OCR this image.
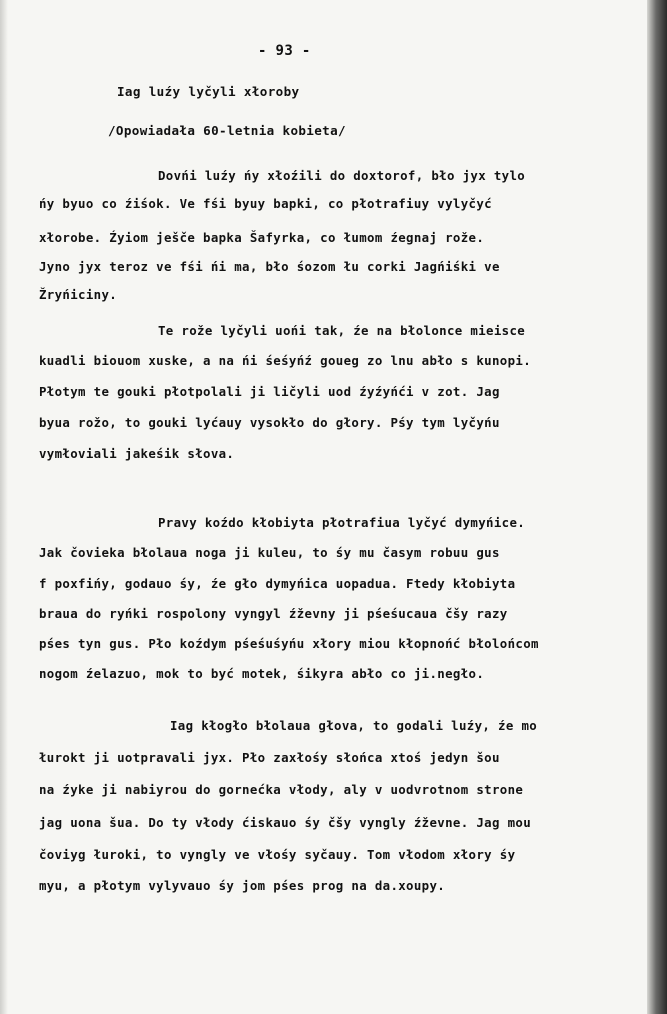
- 93 -
Iag luźy lyčyli xłoroby
/Opowiadała 60-letnia kobieta/
Dovńi luźy ńy xłoźili do doxtorof, bło jyx tylo
ńy byuo co źiśok. Ve fśi byuy bapki, co płotrafiuy vylyčyć
xłorobe. Źyiom ješče bapka Šafyrka, co łumom źegnaj rože.
Jyno jyx teroz ve fśi ńi ma, bło śozom łu corki Jagńiśki ve
Žryńiciny.
Te rože lyčyli uońi tak, źe na błolonce mieisce
kuadli biouom xuske, a na ńi śeśyńź goueg zo lnu abło s kunopi.
Płotym te gouki płotpolali ji ličyli uod źyźyńći v zot. Jag
byua rožo, to gouki lyćauy vysokło do głory. Pśy tym lyčyńu
vymłoviali jakeśik słova.
Pravy koźdo kłobiyta płotrafiua lyčyć dymyńice.
Jak čovieka błolaua noga ji kuleu, to śy mu časym robuu gus
f poxfińy, godauo śy, źe gło dymyńica uopadua. Ftedy kłobiyta
braua do ryńki rospolony vyngyl źževny ji pśeśucaua čšy razy
pśes tyn gus. Pło koźdym pśeśuśyńu xłory miou kłopnońć błolońcom
nogom źelazuo, mok to być motek, śikyra abło co ji.negło.
Iag kłogło błolaua głova, to godali luźy, źe mo
łurokt ji uotpravali jyx. Pło zaxłośy słońca xtoś jedyn šou
na źyke ji nabiyrou do gornećka vłody, aly v uodvrotnom strone
jag uona šua. Do ty vłody ćiskauo śy čšy vyngly źževne. Jag mou
čoviyg łuroki, to vyngly ve vłośy syčauy. Tom vłodom xłory śy
myu, a płotym vylyvauo śy jom pśes prog na da.xoupy.
